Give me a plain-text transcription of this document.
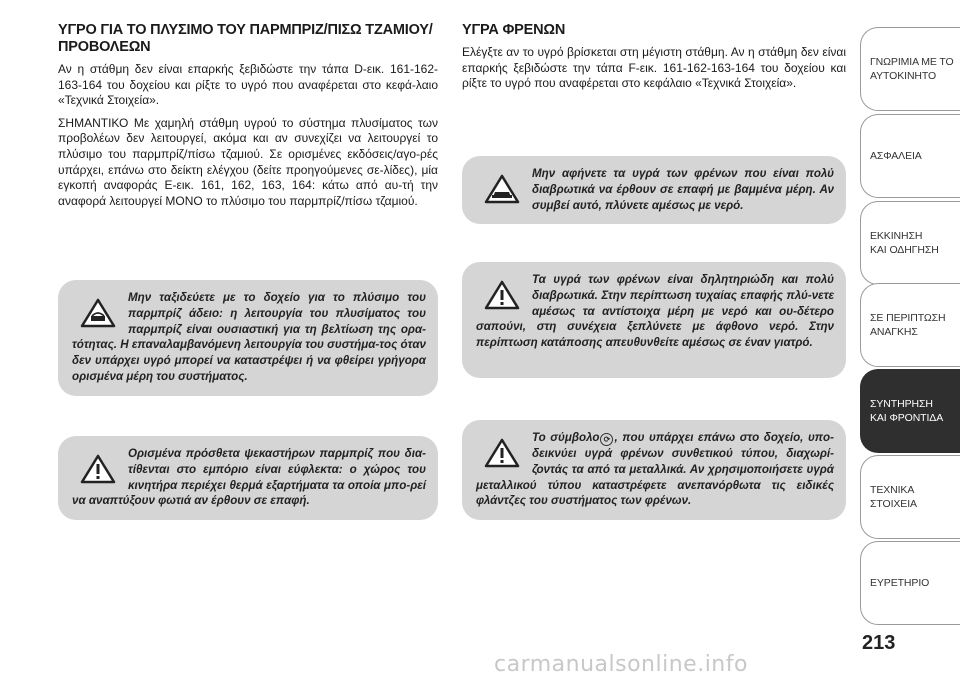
ΥΓΡΟ ΓΙΑ ΤΟ ΠΛΥΣΙΜΟ ΤΟΥ ΠΑΡΜΠΡΙΖ/ΠΙΣΩ ΤΖΑΜΙΟΥ/ΠΡΟΒΟΛΕΩΝ

Αν η στάθμη δεν είναι επαρκής ξεβιδώστε την τάπα D-εικ. 161-162-163-164 του δοχείου και ρίξτε το υγρό που αναφέρεται στο κεφά-λαιο «Τεχνικά Στοιχεία».

ΣΗΜΑΝΤΙΚΟ Με χαμηλή στάθμη υγρού το σύστημα πλυσίματος των προβολέων δεν λειτουργεί, ακόμα και αν συνεχίζει να λειτουργεί το πλύσιμο του παρμπρίζ/πίσω τζαμιού. Σε ορισμένες εκδόσεις/αγο-ρές υπάρχει, επάνω στο δείκτη ελέγχου (δείτε προηγούμενες σε-λίδες), μία εγκοπή αναφοράς E-εικ. 161, 162, 163, 164: κάτω από αυ-τή την αναφορά λειτουργεί ΜΟΝΟ το πλύσιμο του παρμπρίζ/πίσω τζαμιού.

Μην ταξιδεύετε με το δοχείο για το πλύσιμο του παρμπρίζ άδειο: η λειτουργία του πλυσίματος του παρμπρίζ είναι ουσιαστική για τη βελτίωση της ορα-τότητας. Η επαναλαμβανόμενη λειτουργία του συστήμα-τος όταν δεν υπάρχει υγρό μπορεί να καταστρέψει ή να φθείρει γρήγορα ορισμένα μέρη του συστήματος.

Ορισμένα πρόσθετα ψεκαστήρων παρμπρίζ που δια-τίθενται στο εμπόριο είναι εύφλεκτα: ο χώρος του κινητήρα περιέχει θερμά εξαρτήματα τα οποία μπο-ρεί να αναπτύξουν φωτιά αν έρθουν σε επαφή.

ΥΓΡΑ ΦΡΕΝΩΝ

Ελέγξτε αν το υγρό βρίσκεται στη μέγιστη στάθμη. Αν η στάθμη δεν είναι επαρκής ξεβιδώστε την τάπα F-εικ. 161-162-163-164 του δοχείου και ρίξτε το υγρό που αναφέρεται στο κεφάλαιο «Τεχνικά Στοιχεία».

Μην αφήνετε τα υγρά των φρένων που είναι πολύ διαβρωτικά να έρθουν σε επαφή με βαμμένα μέρη. Αν συμβεί αυτό, πλύνετε αμέσως με νερό.

Τα υγρά των φρένων είναι δηλητηριώδη και πολύ διαβρωτικά. Στην περίπτωση τυχαίας επαφής πλύ-νετε αμέσως τα αντίστοιχα μέρη με νερό και ου-δέτερο σαπούνι, στη συνέχεια ξεπλύνετε με άφθονο νερό. Στην περίπτωση κατάποσης απευθυνθείτε αμέσως σε έναν γιατρό.

Το σύμβολο ⟳ , που υπάρχει επάνω στο δοχείο, υπο-δεικνύει υγρά φρένων συνθετικού τύπου, διαχωρί-ζοντάς τα από τα μεταλλικά. Αν χρησιμοποιήσετε υγρά μεταλλικού τύπου καταστρέφετε ανεπανόρθωτα τις ειδικές φλάντζες του συστήματος των φρένων.

ΓΝΩΡΙΜΙΑ ΜΕ ΤΟ
ΑΥΤΟΚΙΝΗΤΟ
ΑΣΦΑΛΕΙΑ
ΕΚΚΙΝΗΣΗ
ΚΑΙ ΟΔΗΓΗΣΗ
ΣΕ ΠΕΡΙΠΤΩΣΗ
ΑΝΑΓΚΗΣ
ΣΥΝΤΗΡΗΣΗ
ΚΑΙ ΦΡΟΝΤΙΔΑ
ΤΕΧΝΙΚΑ
ΣΤΟΙΧΕΙΑ
ΕΥΡΕΤΗΡΙΟ
213
carmanualsonline.info
